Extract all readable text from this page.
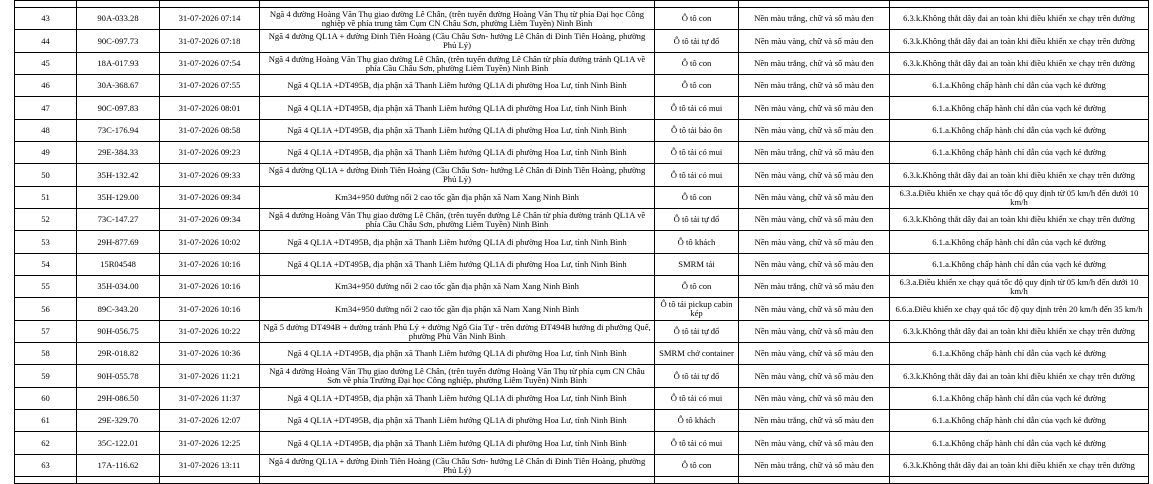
43	90A-033.28	31-07-2026 07:14	Ngã 4 đường Hoàng Văn Thụ giao đường Lê Chân, (trên tuyến đường Hoàng Văn Thụ từ phía Đại học Công nghiệp về phía trung tâm Cụm CN Châu Sơn, phường Liêm Tuyền) Ninh Bình	Ô tô con	Nền màu trắng, chữ và số màu đen	6.3.k.Không thắt dây đai an toàn khi điều khiển xe chạy trên đường
44	90C-097.73	31-07-2026 07:18	Ngã 4 đường QL1A + đường Đinh Tiên Hoàng (Cầu Châu Sơn- hướng Lê Chân đi Đinh Tiên Hoàng, phường Phủ Lý)	Ô tô tải tự đổ	Nền màu vàng, chữ và số màu đen	6.3.k.Không thắt dây đai an toàn khi điều khiển xe chạy trên đường
45	18A-017.93	31-07-2026 07:54	Ngã 4 đường Hoàng Văn Thụ giao đường Lê Chân, (trên tuyến đường Lê Chân từ phía đường tránh QL1A về phía Cầu Châu Sơn, phường Liêm Tuyền) Ninh Bình	Ô tô con	Nền màu trắng, chữ và số màu đen	6.3.k.Không thắt dây đai an toàn khi điều khiển xe chạy trên đường
46	30A-368.67	31-07-2026 07:55	Ngã 4 QL1A +DT495B, địa phận xã Thanh Liêm hướng QL1A đi phường Hoa Lư, tỉnh Ninh Bình	Ô tô con	Nền màu trắng, chữ và số màu đen	6.1.a.Không chấp hành chỉ dẫn của vạch kẻ đường
47	90C-097.83	31-07-2026 08:01	Ngã 4 QL1A +DT495B, địa phận xã Thanh Liêm hướng QL1A đi phường Hoa Lư, tỉnh Ninh Bình	Ô tô tải có mui	Nền màu vàng, chữ và số màu đen	6.1.a.Không chấp hành chỉ dẫn của vạch kẻ đường
48	73C-176.94	31-07-2026 08:58	Ngã 4 QL1A +DT495B, địa phận xã Thanh Liêm hướng QL1A đi phường Hoa Lư, tỉnh Ninh Bình	Ô tô tải bảo ôn	Nền màu vàng, chữ và số màu đen	6.1.a.Không chấp hành chỉ dẫn của vạch kẻ đường
49	29E-384.33	31-07-2026 09:23	Ngã 4 QL1A +DT495B, địa phận xã Thanh Liêm hướng QL1A đi phường Hoa Lư, tỉnh Ninh Bình	Ô tô tải có mui	Nền màu trắng, chữ và số màu đen	6.1.a.Không chấp hành chỉ dẫn của vạch kẻ đường
50	35H-132.42	31-07-2026 09:33	Ngã 4 đường QL1A + đường Đinh Tiên Hoàng (Cầu Châu Sơn- hướng Lê Chân đi Đinh Tiên Hoàng, phường Phủ Lý)	Ô tô tải có mui	Nền màu vàng, chữ và số màu đen	6.3.k.Không thắt dây đai an toàn khi điều khiển xe chạy trên đường
51	35H-129.00	31-07-2026 09:34	Km34+950 đường nối 2 cao tốc gần địa phận xã Nam Xang Ninh Bình	Ô tô con	Nền màu vàng, chữ và số màu đen	6.3.a.Điều khiển xe chạy quá tốc độ quy định từ 05 km/h đến dưới 10 km/h
52	73C-147.27	31-07-2026 09:34	Ngã 4 đường Hoàng Văn Thụ giao đường Lê Chân, (trên tuyến đường Lê Chân từ phía đường tránh QL1A về phía Cầu Châu Sơn, phường Liêm Tuyền) Ninh Bình	Ô tô tải tự đổ	Nền màu vàng, chữ và số màu đen	6.3.k.Không thắt dây đai an toàn khi điều khiển xe chạy trên đường
53	29H-877.69	31-07-2026 10:02	Ngã 4 QL1A +DT495B, địa phận xã Thanh Liêm hướng QL1A đi phường Hoa Lư, tỉnh Ninh Bình	Ô tô khách	Nền màu vàng, chữ và số màu đen	6.1.a.Không chấp hành chỉ dẫn của vạch kẻ đường
54	15R04548	31-07-2026 10:16	Ngã 4 QL1A +DT495B, địa phận xã Thanh Liêm hướng QL1A đi phường Hoa Lư, tỉnh Ninh Bình	SMRM tải	Nền màu vàng, chữ và số màu đen	6.1.a.Không chấp hành chỉ dẫn của vạch kẻ đường
55	35H-034.00	31-07-2026 10:16	Km34+950 đường nối 2 cao tốc gần địa phận xã Nam Xang Ninh Bình	Ô tô con	Nền màu trắng, chữ và số màu đen	6.3.a.Điều khiển xe chạy quá tốc độ quy định từ 05 km/h đến dưới 10 km/h
56	89C-343.20	31-07-2026 10:16	Km34+950 đường nối 2 cao tốc gần địa phận xã Nam Xang Ninh Bình	Ô tô tải pickup cabin kép	Nền màu vàng, chữ và số màu đen	6.6.a.Điều khiển xe chạy quá tốc độ quy định trên 20 km/h đến 35 km/h
57	90H-056.75	31-07-2026 10:22	Ngã 5 đường DT494B + đường tránh Phủ Lý + đường Ngô Gia Tự - trên đường ĐT494B hướng đi phường Quế, phường Phù Vân Ninh Bình	Ô tô tải tự đổ	Nền màu vàng, chữ và số màu đen	6.3.k.Không thắt dây đai an toàn khi điều khiển xe chạy trên đường
58	29R-018.82	31-07-2026 10:36	Ngã 4 QL1A +DT495B, địa phận xã Thanh Liêm hướng QL1A đi phường Hoa Lư, tỉnh Ninh Bình	SMRM chở container	Nền màu vàng, chữ và số màu đen	6.1.a.Không chấp hành chỉ dẫn của vạch kẻ đường
59	90H-055.78	31-07-2026 11:21	Ngã 4 đường Hoàng Văn Thụ giao đường Lê Chân, (trên tuyến đường Hoàng Văn Thụ từ phía cụm CN Châu Sơn về phía Trường Đại học Công nghiệp, phường Liêm Tuyền) Ninh Bình	Ô tô tải tự đổ	Nền màu vàng, chữ và số màu đen	6.3.k.Không thắt dây đai an toàn khi điều khiển xe chạy trên đường
60	29H-086.50	31-07-2026 11:37	Ngã 4 QL1A +DT495B, địa phận xã Thanh Liêm hướng QL1A đi phường Hoa Lư, tỉnh Ninh Bình	Ô tô tải có mui	Nền màu vàng, chữ và số màu đen	6.1.a.Không chấp hành chỉ dẫn của vạch kẻ đường
61	29E-329.70	31-07-2026 12:07	Ngã 4 QL1A +DT495B, địa phận xã Thanh Liêm hướng QL1A đi phường Hoa Lư, tỉnh Ninh Bình	Ô tô khách	Nền màu trắng, chữ và số màu đen	6.1.a.Không chấp hành chỉ dẫn của vạch kẻ đường
62	35C-122.01	31-07-2026 12:25	Ngã 4 QL1A +DT495B, địa phận xã Thanh Liêm hướng QL1A đi phường Hoa Lư, tỉnh Ninh Bình	Ô tô tải có mui	Nền màu vàng, chữ và số màu đen	6.1.a.Không chấp hành chỉ dẫn của vạch kẻ đường
63	17A-116.62	31-07-2026 13:11	Ngã 4 đường QL1A + đường Đinh Tiên Hoàng (Cầu Châu Sơn- hướng Lê Chân đi Đinh Tiên Hoàng, phường Phủ Lý)	Ô tô con	Nền màu trắng, chữ và số màu đen	6.3.k.Không thắt dây đai an toàn khi điều khiển xe chạy trên đường
